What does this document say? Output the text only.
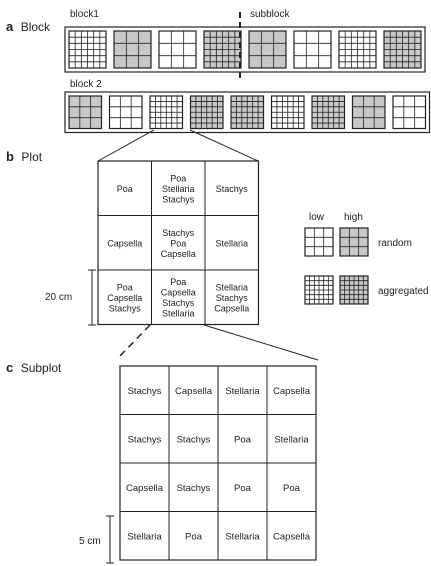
a Block
block1	subblock
block 2
b Plot
Poa
Poa Stellaria Stachys
Stachys
Capsella
Stachys Poa Capsella
Stellaria
Poa Capsella Stachys
Poa Capsella Stachys Stellaria
Stellaria Stachys Capsella
20 cm
low high
random
aggregated
c Subplot
Stachys Capsella Stellaria Capsella
Stachys Stachys Poa Stellaria
Capsella Stachys Poa	Poa
Stellaria Poa Stellaria Capsella
5 cm
